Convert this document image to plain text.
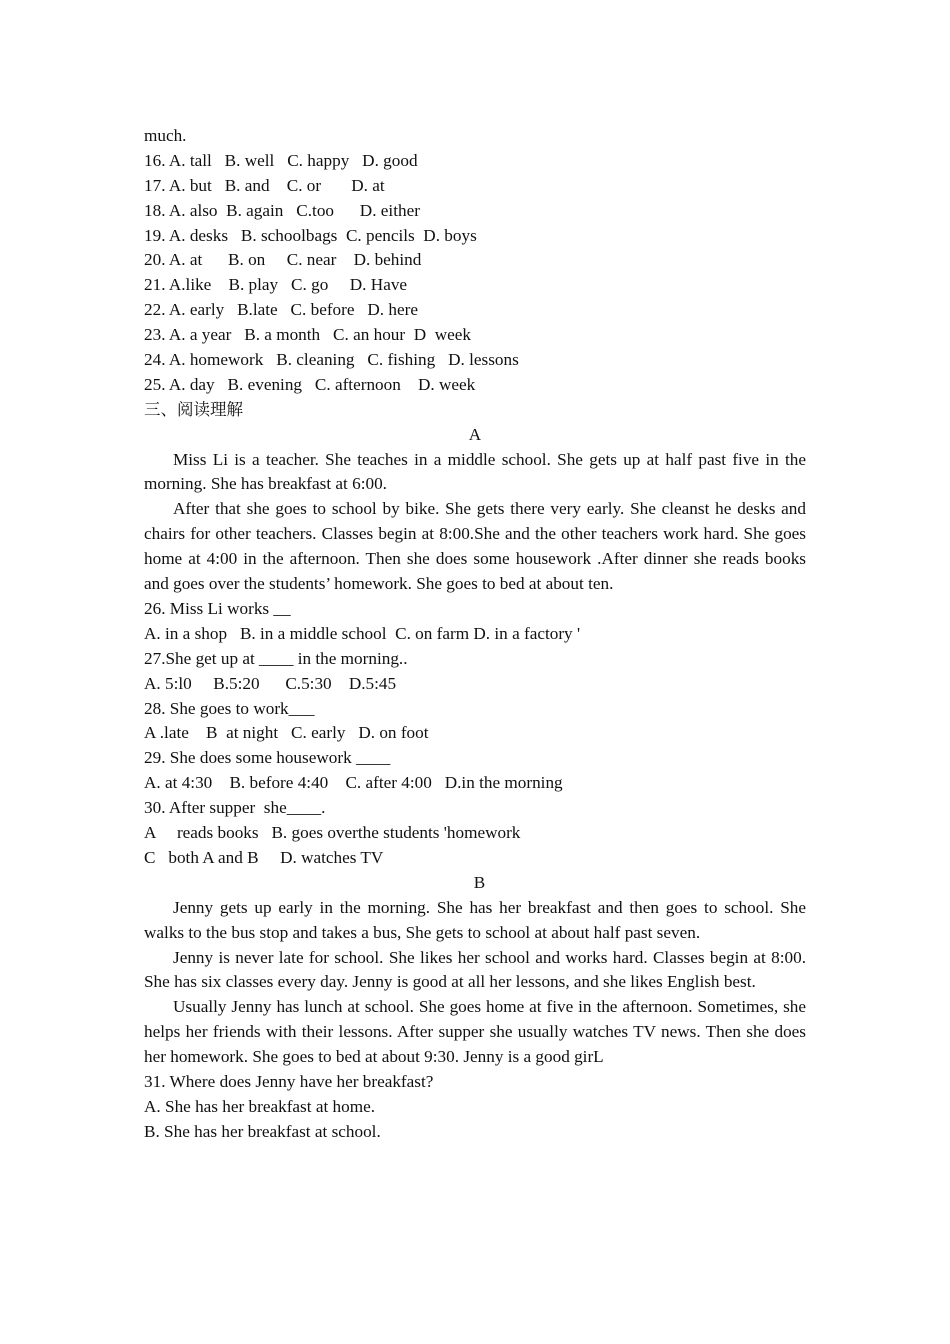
much.
16. A. tall   B. well   C. happy   D. good
17. A. but   B. and    C. or       D. at
18. A. also  B. again   C.too      D. either
19. A. desks   B. schoolbags  C. pencils  D. boys
20. A. at      B. on     C. near    D. behind
21. A.like    B. play   C. go     D. Have
22. A. early   B.late   C. before   D. here
23. A. a year   B. a month   C. an hour  D  week
24. A. homework   B. cleaning   C. fishing   D. lessons
25. A. day   B. evening   C. afternoon    D. week
三、阅读理解
A
Miss Li is a teacher. She teaches in a middle school. She gets up at half past five in the morning. She has breakfast at 6:00.
After that she goes to school by bike. She gets there very early. She cleanst he desks and chairs for other teachers. Classes begin at 8:00.She and the other teachers work hard. She goes home at 4:00 in the afternoon. Then she does some housework .After dinner she reads books and goes over the students’ homework. She goes to bed at about ten.
26. Miss Li works __
A. in a shop   B. in a middle school  C. on farm D. in a factory '
27.She get up at ____ in the morning..
A. 5:l0     B.5:20      C.5:30    D.5:45
28. She goes to work___
A .late    B  at night   C. early   D. on foot
29. She does some housework ____
A. at 4:30    B. before 4:40    C. after 4:00   D.in the morning
30. After supper  she____.
A     reads books   B. goes overthe students 'homework
C   both A and B     D. watches TV
B
Jenny gets up early in the morning. She has her breakfast and then goes to school. She walks to the bus stop and takes a bus, She gets to school at about half past seven.
Jenny is never late for school. She likes her school and works hard. Classes begin at 8:00. She has six classes every day. Jenny is good at all her lessons, and she likes English best.
Usually Jenny has lunch at school. She goes home at five in the afternoon. Sometimes, she helps her friends with their lessons. After supper she usually watches TV news. Then she does her homework. She goes to bed at about 9:30. Jenny is a good girL
31. Where does Jenny have her breakfast?
A. She has her breakfast at home.
B. She has her breakfast at school.
